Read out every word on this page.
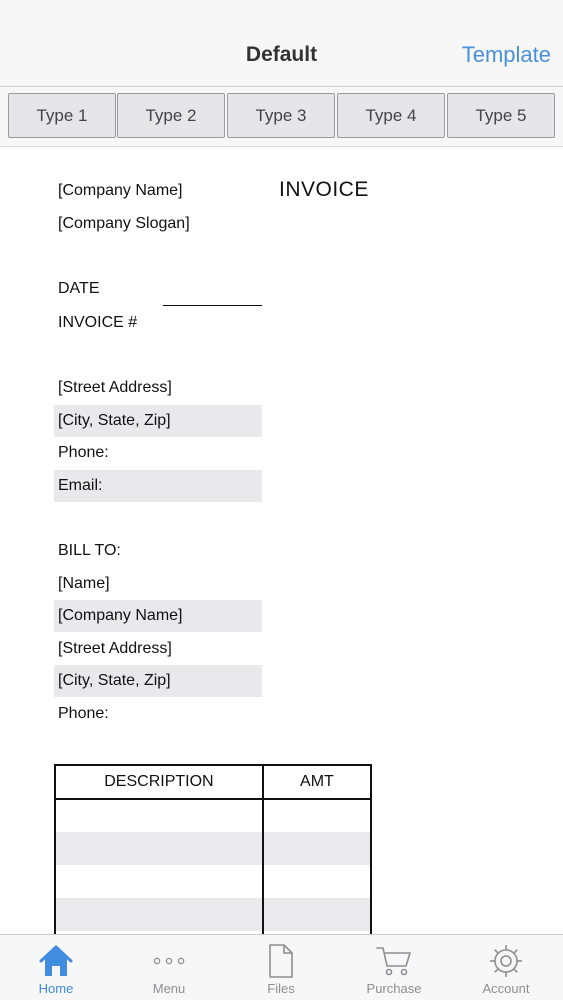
Default	Template
Type 1	Type 2	Type 3	Type 4	Type 5
[Company Name]
[Company Slogan]
INVOICE
DATE
INVOICE #
[Street Address]
[City, State, Zip]
Phone:
Email:
BILL TO:
[Name]
[Company Name]
[Street Address]
[City, State, Zip]
Phone:
DESCRIPTION	AMT

Home	Menu	Files	Purchase	Account
